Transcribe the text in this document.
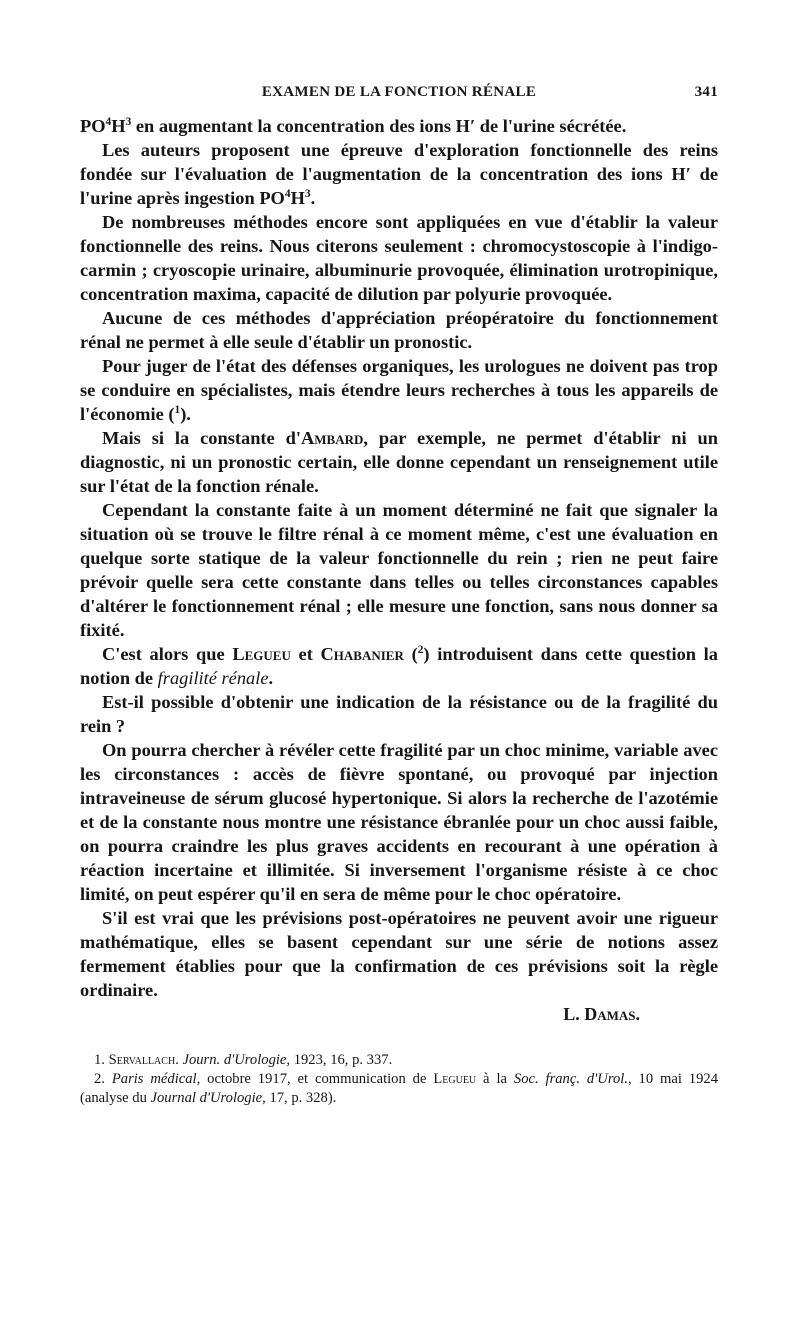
EXAMEN DE LA FONCTION RÉNALE	341

$PO^4H^3$ en augmentant la concentration des ions H′ de l'urine sécrétée.

Les auteurs proposent une épreuve d'exploration fonctionnelle des reins fondée sur l'évaluation de l'augmentation de la concentration des ions H′ de l'urine après ingestion $PO^4H^3$.

De nombreuses méthodes encore sont appliquées en vue d'établir la valeur fonctionnelle des reins. Nous citerons seulement : chromocystoscopie à l'indigo-carmin ; cryoscopie urinaire, albuminurie provoquée, élimination urotropinique, concentration maxima, capacité de dilution par polyurie provoquée.

Aucune de ces méthodes d'appréciation préopératoire du fonctionnement rénal ne permet à elle seule d'établir un pronostic.

Pour juger de l'état des défenses organiques, les urologues ne doivent pas trop se conduire en spécialistes, mais étendre leurs recherches à tous les appareils de l'économie ($^1$).

Mais si la constante d'Ambard, par exemple, ne permet d'établir ni un diagnostic, ni un pronostic certain, elle donne cependant un renseignement utile sur l'état de la fonction rénale.

Cependant la constante faite à un moment déterminé ne fait que signaler la situation où se trouve le filtre rénal à ce moment même, c'est une évaluation en quelque sorte statique de la valeur fonctionnelle du rein ; rien ne peut faire prévoir quelle sera cette constante dans telles ou telles circonstances capables d'altérer le fonctionnement rénal ; elle mesure une fonction, sans nous donner sa fixité.

C'est alors que Legueu et Chabanier ($^2$) introduisent dans cette question la notion de fragilité rénale.

Est-il possible d'obtenir une indication de la résistance ou de la fragilité du rein ?

On pourra chercher à révéler cette fragilité par un choc minime, variable avec les circonstances : accès de fièvre spontané, ou provoqué par injection intraveineuse de sérum glucosé hypertonique. Si alors la recherche de l'azotémie et de la constante nous montre une résistance ébranlée pour un choc aussi faible, on pourra craindre les plus graves accidents en recourant à une opération à réaction incertaine et illimitée. Si inversement l'organisme résiste à ce choc limité, on peut espérer qu'il en sera de même pour le choc opératoire.

S'il est vrai que les prévisions post-opératoires ne peuvent avoir une rigueur mathématique, elles se basent cependant sur une série de notions assez fermement établies pour que la confirmation de ces prévisions soit la règle ordinaire.

L. Damas.

1. Servallach. Journ. d'Urologie, 1923, 16, p. 337.

2. Paris médical, octobre 1917, et communication de Legueu à la Soc. franç. d'Urol., 10 mai 1924 (analyse du Journal d'Urologie, 17, p. 328).
